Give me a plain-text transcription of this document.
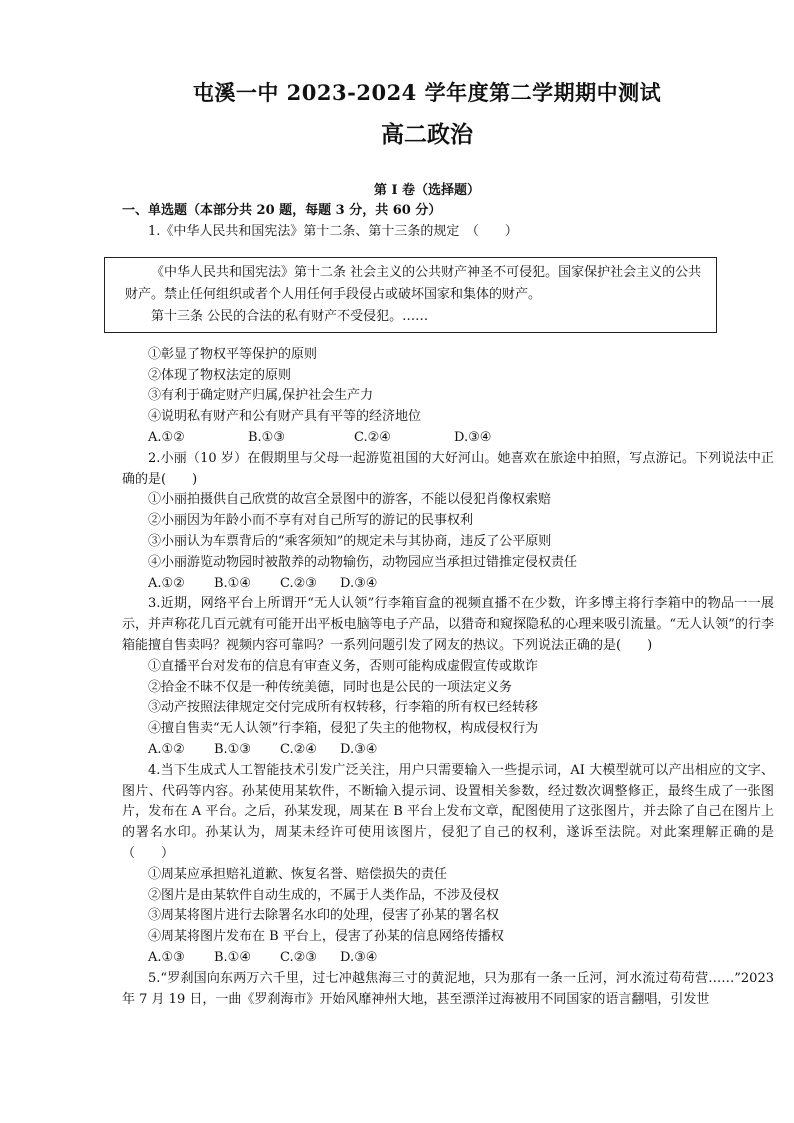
屯溪一中 2023-2024 学年度第二学期期中测试
高二政治
第 I 卷（选择题）
一、单选题（本部分共 20 题，每题 3 分，共 60 分）
1.《中华人民共和国宪法》第十二条、第十三条的规定　（　　）
《中华人民共和国宪法》第十二条 社会主义的公共财产神圣不可侵犯。国家保护社会主义的公共财产。禁止任何组织或者个人用任何手段侵占或破坏国家和集体的财产。
第十三条 公民的合法的私有财产不受侵犯。……
①彰显了物权平等保护的原则
②体现了物权法定的原则
③有利于确定财产归属,保护社会生产力
④说明私有财产和公有财产具有平等的经济地位
A.①②	B.①③	C.②④	D.③④
2.小丽（10 岁）在假期里与父母一起游览祖国的大好河山。她喜欢在旅途中拍照，写点游记。下列说法中正确的是(　　)
①小丽拍摄供自己欣赏的故宫全景图中的游客，不能以侵犯肖像权索赔
②小丽因为年龄小而不享有对自己所写的游记的民事权利
③小丽认为车票背后的“乘客须知”的规定未与其协商，违反了公平原则
④小丽游览动物园时被散养的动物输伤，动物园应当承担过错推定侵权责任
A.①②	B.①④	C.②③	D.③④
3.近期，网络平台上所谓开“无人认领”行李箱盲盒的视频直播不在少数，许多博主将行李箱中的物品一一展示，并声称花几百元就有可能开出平板电脑等电子产品，以猎奇和窥探隐私的心理来吸引流量。“无人认领”的行李箱能擅自售卖吗？视频内容可靠吗？一系列问题引发了网友的热议。下列说法正确的是(　　)
①直播平台对发布的信息有审查义务，否则可能构成虚假宣传或欺诈
②拾金不昧不仅是一种传统美德，同时也是公民的一项法定义务
③动产按照法律规定交付完成所有权转移，行李箱的所有权已经转移
④擅自售卖“无人认领”行李箱，侵犯了失主的他物权，构成侵权行为
A.①②	B.①③	C.②④	D.③④
4.当下生成式人工智能技术引发广泛关注，用户只需要输入一些提示词，AI 大模型就可以产出相应的文字、图片、代码等内容。孙某使用某软件，不断输入提示词、设置相关参数，经过数次调整修正，最终生成了一张图片，发布在 A 平台。之后，孙某发现，周某在 B 平台上发布文章，配图使用了这张图片，并去除了自己在图片上的署名水印。孙某认为，周某未经许可使用该图片，侵犯了自己的权利，遂诉至法院。对此案理解正确的是（　　）
①周某应承担赔礼道歉、恢复名誉、赔偿损失的责任
②图片是由某软件自动生成的，不属于人类作品，不涉及侵权
③周某将图片进行去除署名水印的处理，侵害了孙某的署名权
④周某将图片发布在 B 平台上，侵害了孙某的信息网络传播权
A.①③	B.①④	C.②③	D.③④
5.“罗刹国向东两万六千里，过七冲越焦海三寸的黄泥地，只为那有一条一丘河，河水流过苟苟营……”2023 年 7 月 19 日，一曲《罗刹海市》开始风靡神州大地，甚至漂洋过海被用不同国家的语言翻唱，引发世
